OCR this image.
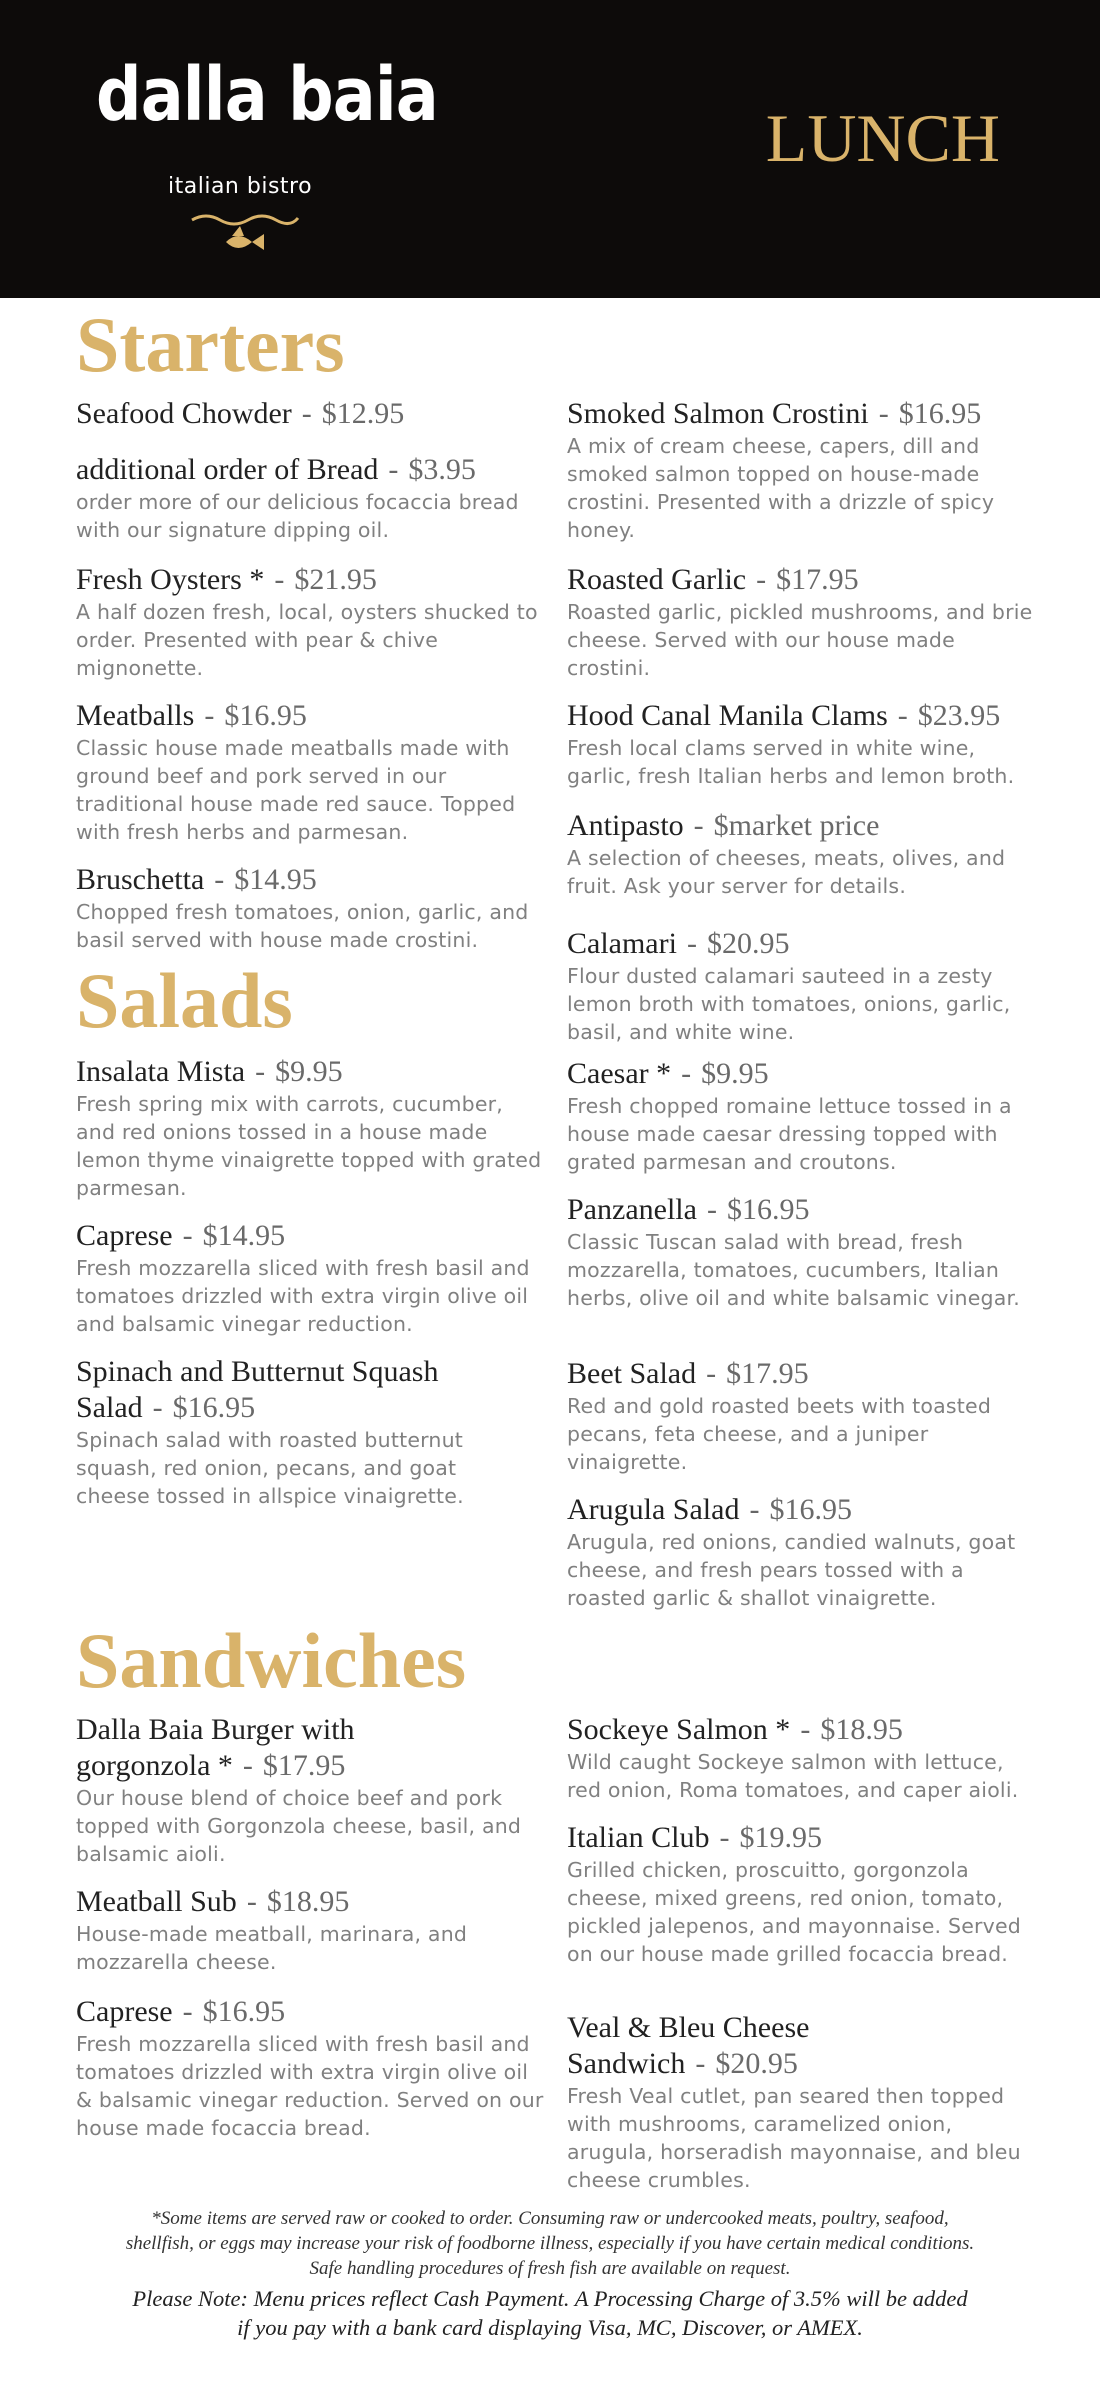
dalla baia
italian bistro
LUNCH
Starters
Seafood Chowder - $12.95
additional order of Bread - $3.95
order more of our delicious focaccia bread with our signature dipping oil.
Fresh Oysters * - $21.95
A half dozen fresh, local, oysters shucked to order. Presented with pear & chive mignonette.
Meatballs - $16.95
Classic house made meatballs made with ground beef and pork served in our traditional house made red sauce. Topped with fresh herbs and parmesan.
Bruschetta - $14.95
Chopped fresh tomatoes, onion, garlic, and basil served with house made crostini.
Salads
Insalata Mista - $9.95
Fresh spring mix with carrots, cucumber, and red onions tossed in a house made lemon thyme vinaigrette topped with grated parmesan.
Caprese - $14.95
Fresh mozzarella sliced with fresh basil and tomatoes drizzled with extra virgin olive oil and balsamic vinegar reduction.
Spinach and Butternut Squash Salad - $16.95
Spinach salad with roasted butternut squash, red onion, pecans, and goat cheese tossed in allspice vinaigrette.
Smoked Salmon Crostini - $16.95
A mix of cream cheese, capers, dill and smoked salmon topped on house-made crostini. Presented with a drizzle of spicy honey.
Roasted Garlic - $17.95
Roasted garlic, pickled mushrooms, and brie cheese. Served with our house made crostini.
Hood Canal Manila Clams - $23.95
Fresh local clams served in white wine, garlic, fresh Italian herbs and lemon broth.
Antipasto - $market price
A selection of cheeses, meats, olives, and fruit. Ask your server for details.
Calamari - $20.95
Flour dusted calamari sauteed in a zesty lemon broth with tomatoes, onions, garlic, basil, and white wine.
Caesar * - $9.95
Fresh chopped romaine lettuce tossed in a house made caesar dressing topped with grated parmesan and croutons.
Panzanella - $16.95
Classic Tuscan salad with bread, fresh mozzarella, tomatoes, cucumbers, Italian herbs, olive oil and white balsamic vinegar.
Beet Salad - $17.95
Red and gold roasted beets with toasted pecans, feta cheese, and a juniper vinaigrette.
Arugula Salad - $16.95
Arugula, red onions, candied walnuts, goat cheese, and fresh pears tossed with a roasted garlic & shallot vinaigrette.
Sandwiches
Dalla Baia Burger with gorgonzola * - $17.95
Our house blend of choice beef and pork topped with Gorgonzola cheese, basil, and balsamic aioli.
Meatball Sub - $18.95
House-made meatball, marinara, and mozzarella cheese.
Caprese - $16.95
Fresh mozzarella sliced with fresh basil and tomatoes drizzled with extra virgin olive oil & balsamic vinegar reduction. Served on our house made focaccia bread.
Sockeye Salmon * - $18.95
Wild caught Sockeye salmon with lettuce, red onion, Roma tomatoes, and caper aioli.
Italian Club - $19.95
Grilled chicken, proscuitto, gorgonzola cheese, mixed greens, red onion, tomato, pickled jalepenos, and mayonnaise. Served on our house made grilled focaccia bread.
Veal & Bleu Cheese Sandwich - $20.95
Fresh Veal cutlet, pan seared then topped with mushrooms, caramelized onion, arugula, horseradish mayonnaise, and bleu cheese crumbles.
*Some items are served raw or cooked to order. Consuming raw or undercooked meats, poultry, seafood,
shellfish, or eggs may increase your risk of foodborne illness, especially if you have certain medical conditions.
Safe handling procedures of fresh fish are available on request.
Please Note: Menu prices reflect Cash Payment. A Processing Charge of 3.5% will be added
if you pay with a bank card displaying Visa, MC, Discover, or AMEX.
